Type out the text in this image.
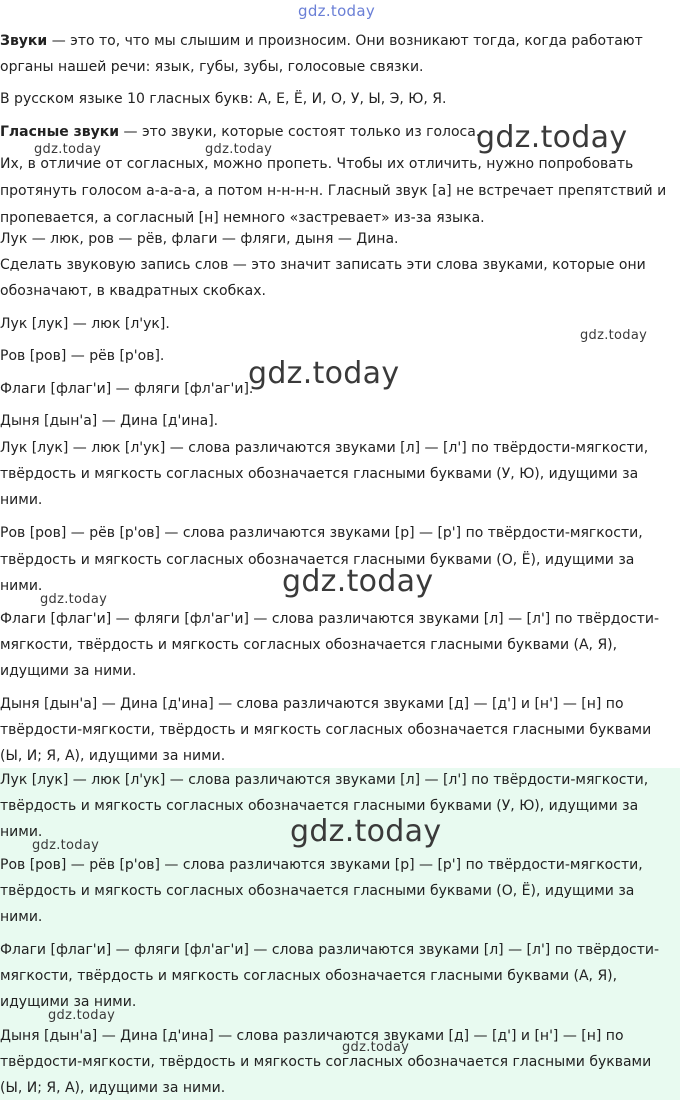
gdz.today
gdz.today
gdz.today	gdz.today
gdz.today
gdz.today
gdz.today
gdz.today
gdz.today
gdz.today
gdz.today
gdz.today
Звуки — это то, что мы слышим и произносим. Они возникают тогда, когда работают
органы нашей речи: язык, губы, зубы, голосовые связки.
В русском языке 10 гласных букв: А, Е, Ё, И, О, У, Ы, Э, Ю, Я.
Гласные звуки — это звуки, которые состоят только из голоса.
Их, в отличие от согласных, можно пропеть. Чтобы их отличить, нужно попробовать
протянуть голосом а-а-а-а, а потом н-н-н-н. Гласный звук [а] не встречает препятствий и
пропевается, а согласный [н] немного «застревает» из-за языка.
Лук — люк, ров — рёв, флаги — фляги, дыня — Дина.
Сделать звуковую запись слов — это значит записать эти слова звуками, которые они
обозначают, в квадратных скобках.
Лук [лук] — люк [л'ук].
Ров [ров] — рёв [р'ов].
Флаги [флаг'и] — фляги [фл'аг'и].
Дыня [дын'а] — Дина [д'ина].
Лук [лук] — люк [л'ук] — слова различаются звуками [л] — [л'] по твёрдости-мягкости,
твёрдость и мягкость согласных обозначается гласными буквами (У, Ю), идущими за
ними.
Ров [ров] — рёв [р'ов] — слова различаются звуками [р] — [р'] по твёрдости-мягкости,
твёрдость и мягкость согласных обозначается гласными буквами (О, Ё), идущими за
ними.
Флаги [флаг'и] — фляги [фл'аг'и] — слова различаются звуками [л] — [л'] по твёрдости-
мягкости, твёрдость и мягкость согласных обозначается гласными буквами (А, Я),
идущими за ними.
Дыня [дын'а] — Дина [д'ина] — слова различаются звуками [д] — [д'] и [н'] — [н] по
твёрдости-мягкости, твёрдость и мягкость согласных обозначается гласными буквами
(Ы, И; Я, А), идущими за ними.
Лук [лук] — люк [л'ук] — слова различаются звуками [л] — [л'] по твёрдости-мягкости,
твёрдость и мягкость согласных обозначается гласными буквами (У, Ю), идущими за
ними.
Ров [ров] — рёв [р'ов] — слова различаются звуками [р] — [р'] по твёрдости-мягкости,
твёрдость и мягкость согласных обозначается гласными буквами (О, Ё), идущими за
ними.
Флаги [флаг'и] — фляги [фл'аг'и] — слова различаются звуками [л] — [л'] по твёрдости-
мягкости, твёрдость и мягкость согласных обозначается гласными буквами (А, Я),
идущими за ними.
Дыня [дын'а] — Дина [д'ина] — слова различаются звуками [д] — [д'] и [н'] — [н] по
твёрдости-мягкости, твёрдость и мягкость согласных обозначается гласными буквами
(Ы, И; Я, А), идущими за ними.
